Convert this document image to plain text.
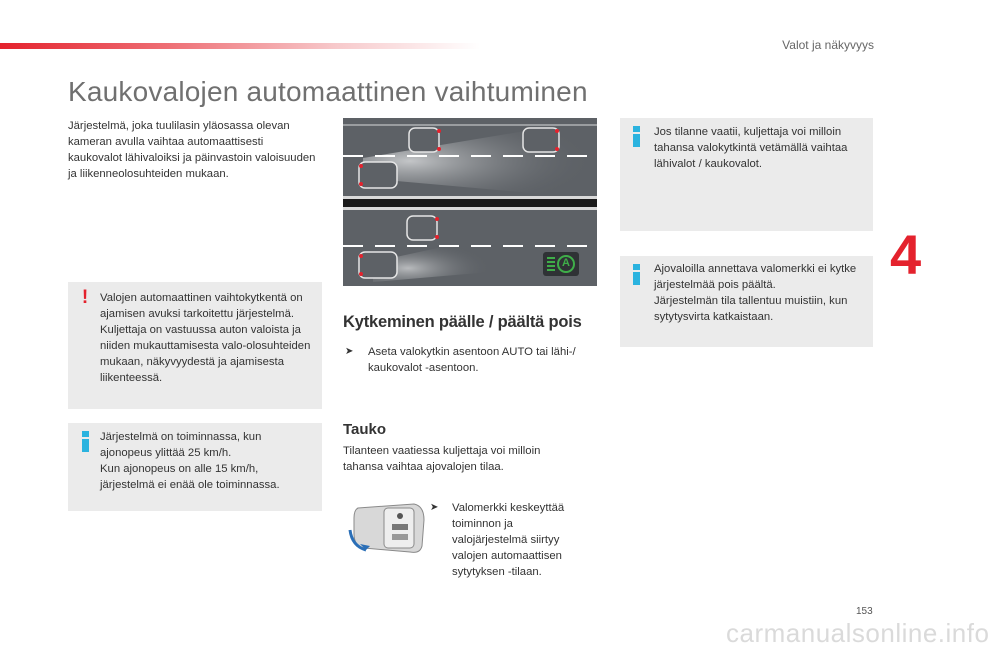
Valot ja näkyvyys
Kaukovalojen automaattinen vaihtuminen

Järjestelmä, joka tuulilasin yläosassa olevan kameran avulla vaihtaa automaattisesti kaukovalot lähivaloiksi ja päinvastoin valoisuuden ja liikenneolosuhteiden mukaan.

! Valojen automaattinen vaihtokytkentä on ajamisen avuksi tarkoitettu järjestelmä.
Kuljettaja on vastuussa auton valoista ja niiden mukauttamisesta valo-olosuhteiden mukaan, näkyvyydestä ja ajamisesta liikenteessä.
Järjestelmä on toiminnassa, kun ajonopeus ylittää 25 km/h.
Kun ajonopeus on alle 15 km/h, järjestelmä ei enää ole toiminnassa.
A
Kytkeminen päälle / päältä pois
➤ Aseta valokytkin asentoon AUTO tai lähi-/ kaukovalot -asentoon.

Tauko

Tilanteen vaatiessa kuljettaja voi milloin tahansa vaihtaa ajovalojen tilaa.

➤ Valomerkki keskeyttää toiminnon ja valojärjestelmä siirtyy valojen automaattisen sytytyksen -tilaan.

Jos tilanne vaatii, kuljettaja voi milloin tahansa valokytkintä vetämällä vaihtaa lähivalot / kaukovalot.
Ajovaloilla annettava valomerkki ei kytke järjestelmää pois päältä.
Järjestelmän tila tallentuu muistiin, kun sytytysvirta katkaistaan.
4
153
carmanualsonline.info
